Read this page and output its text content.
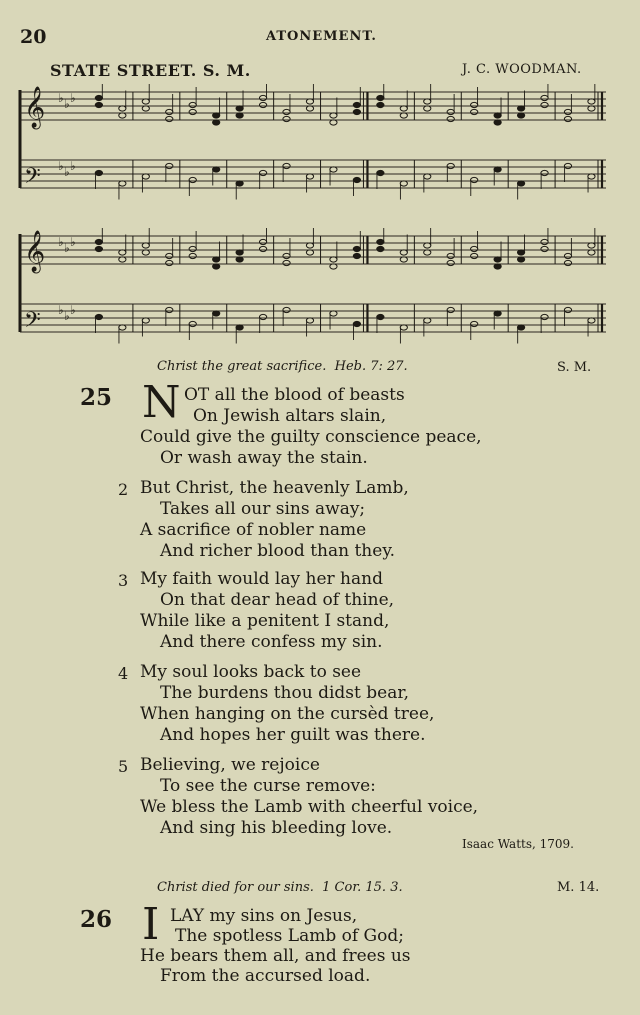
20	ATONEMENT.
STATE STREET. S. M.	J. C. WOODMAN.
𝄞 ♭ ♭ ♭
𝄢 ♭ ♭ ♭
𝄞 ♭ ♭ ♭
𝄢 ♭ ♭ ♭
Christ the great sacrifice. Heb. 7: 27.	S. M.
25 N OT all the blood of beasts
On Jewish altars slain,
Could give the guilty conscience peace,
Or wash away the stain.
2 But Christ, the heavenly Lamb,
Takes all our sins away;
A sacrifice of nobler name
And richer blood than they.
3 My faith would lay her hand
On that dear head of thine,
While like a penitent I stand,
And there confess my sin.
4 My soul looks back to see
The burdens thou didst bear,
When hanging on the cursèd tree,
And hopes her guilt was there.
5 Believing, we rejoice
To see the curse remove:
We bless the Lamb with cheerful voice,
And sing his bleeding love.
Isaac Watts, 1709.
Christ died for our sins. 1 Cor. 15. 3.	M. 14.
26 I LAY my sins on Jesus,
The spotless Lamb of God;
He bears them all, and frees us
From the accursed load.
